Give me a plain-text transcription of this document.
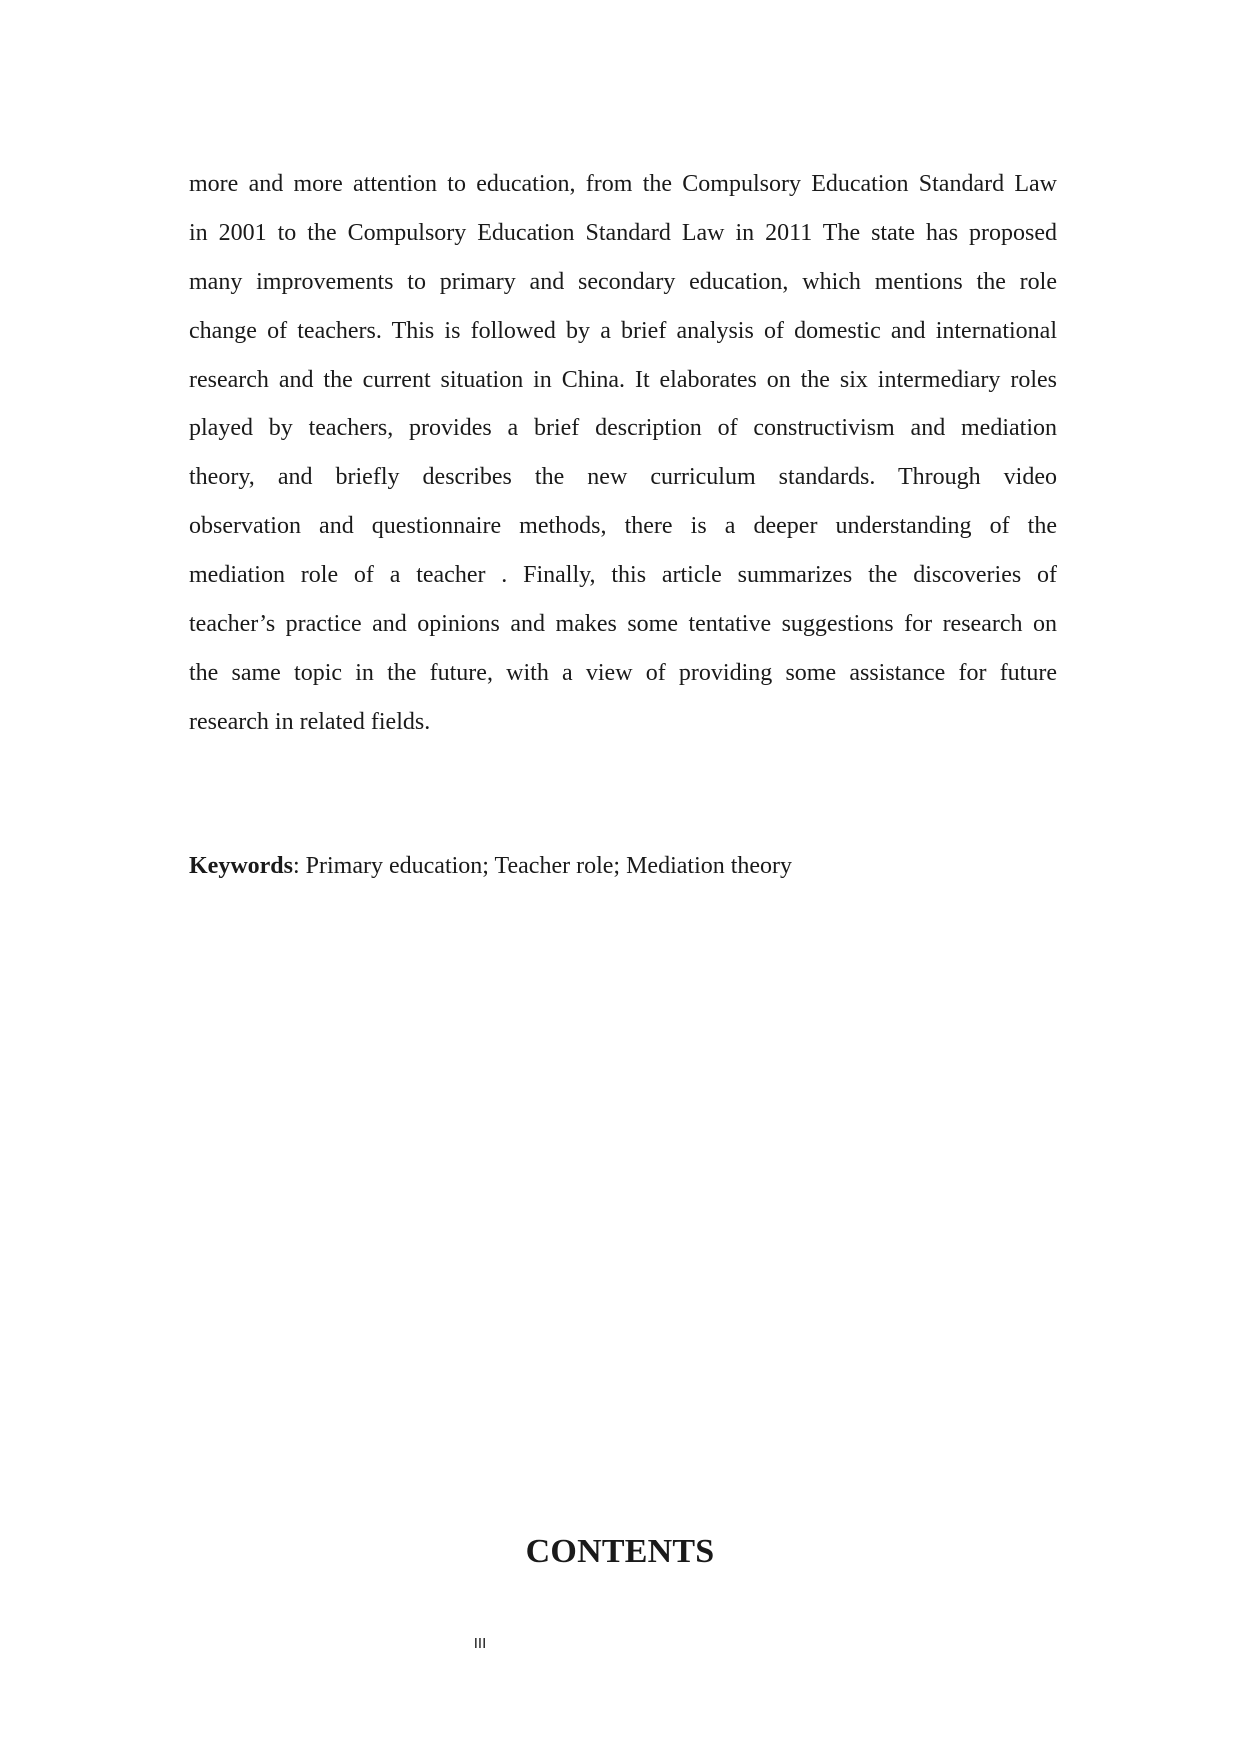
more and more attention to education, from the Compulsory Education Standard Law
in 2001 to the Compulsory Education Standard Law in 2011 The state has proposed
many improvements to primary and secondary education, which mentions the role
change of teachers. This is followed by a brief analysis of domestic and international
research and the current situation in China. It elaborates on the six intermediary roles
played by teachers, provides a brief description of constructivism and mediation
theory, and briefly describes the new curriculum standards. Through video
observation and questionnaire methods, there is a deeper understanding of the
mediation role of a teacher . Finally, this article summarizes the discoveries of
teacher’s practice and opinions and makes some tentative suggestions for research on
the same topic in the future, with a view of providing some assistance for future
research in related fields.

Keywords: Primary education; Teacher role; Mediation theory

CONTENTS
III
